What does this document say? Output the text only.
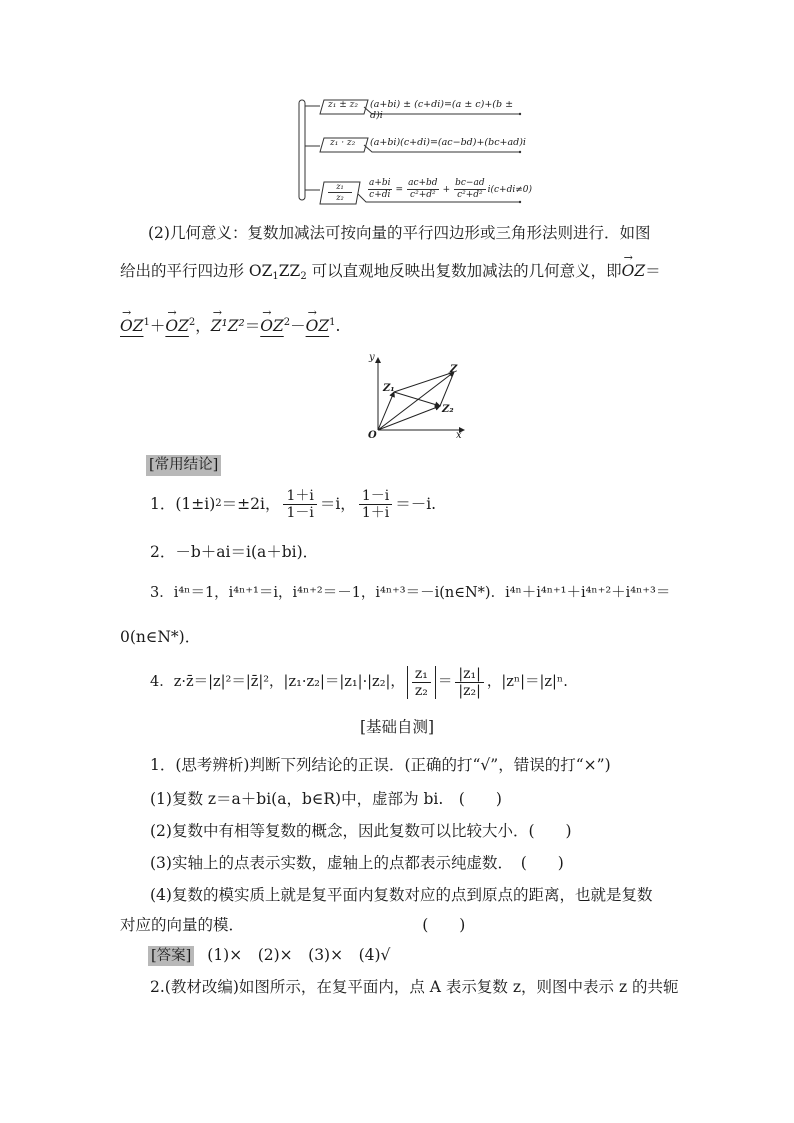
z₁ ± z₂ (a+bi) ± (c+di)=(a ± c)+(b ± d)i
z₁ · z₂ (a+bi)(c+di)=(ac−bd)+(bc+ad)i
$\frac{\text{z₁}}{\text{z₂}} \frac{a+bi}{c+di} = \frac{ac+bd}{\text{c²+d²}} + \frac{bc-ad}{\text{c²+d²}} i(c+di\ne 0)$
(2)几何意义：复数加减法可按向量的平行四边形或三角形法则进行．如图
给出的平行四边形 $OZ_1ZZ_2$ 可以直观地反映出复数加减法的几何意义，即→ OZ＝
→ $OZ^1+\to OZ^2$，→ $Z^1Z^2=\to OZ^2-\to OZ^1$.
y
x
O
Z
Z₁
Z₂
[常用结论]
1．(1±i) 2 ＝±2i， $\frac{1+i}{1-i} =i$， $\frac{1-i}{1+i} =-i$.
2．－b＋ai＝i(a＋bi)．
3．i⁴ⁿ＝1，i⁴ⁿ⁺¹＝i，i⁴ⁿ⁺²＝－1，i⁴ⁿ⁺³＝－i(n∈N*)．i⁴ⁿ＋i⁴ⁿ⁺¹＋i⁴ⁿ⁺²＋i⁴ⁿ⁺³＝
0(n∈N*)．
4．z·z̄＝|z|²＝|z̄|²，|z₁·z₂|＝|z₁|·|z₂|， $\frac{\text{z₁}}{\text{z₂}} = \frac{\text{|z₁|}}{\text{|z₂|}}$ ，|zⁿ|＝|z|ⁿ.
[基础自测]
1．(思考辨析)判断下列结论的正误．(正确的打“√”，错误的打“×”)
(1)复数 z＝a＋bi(a，b∈R)中，虚部为 bi.　(　　)
(2)复数中有相等复数的概念，因此复数可以比较大小．(　　)
(3)实轴上的点表示实数，虚轴上的点都表示纯虚数．　(　　)
(4)复数的模实质上就是复平面内复数对应的点到原点的距离，也就是复数
对应的向量的模．　　　　　　　　　　　　(　　)
[答案] (1)×　(2)×　(3)×　(4)√
2.(教材改编)如图所示，在复平面内，点 A 表示复数 z，则图中表示 z 的共轭
